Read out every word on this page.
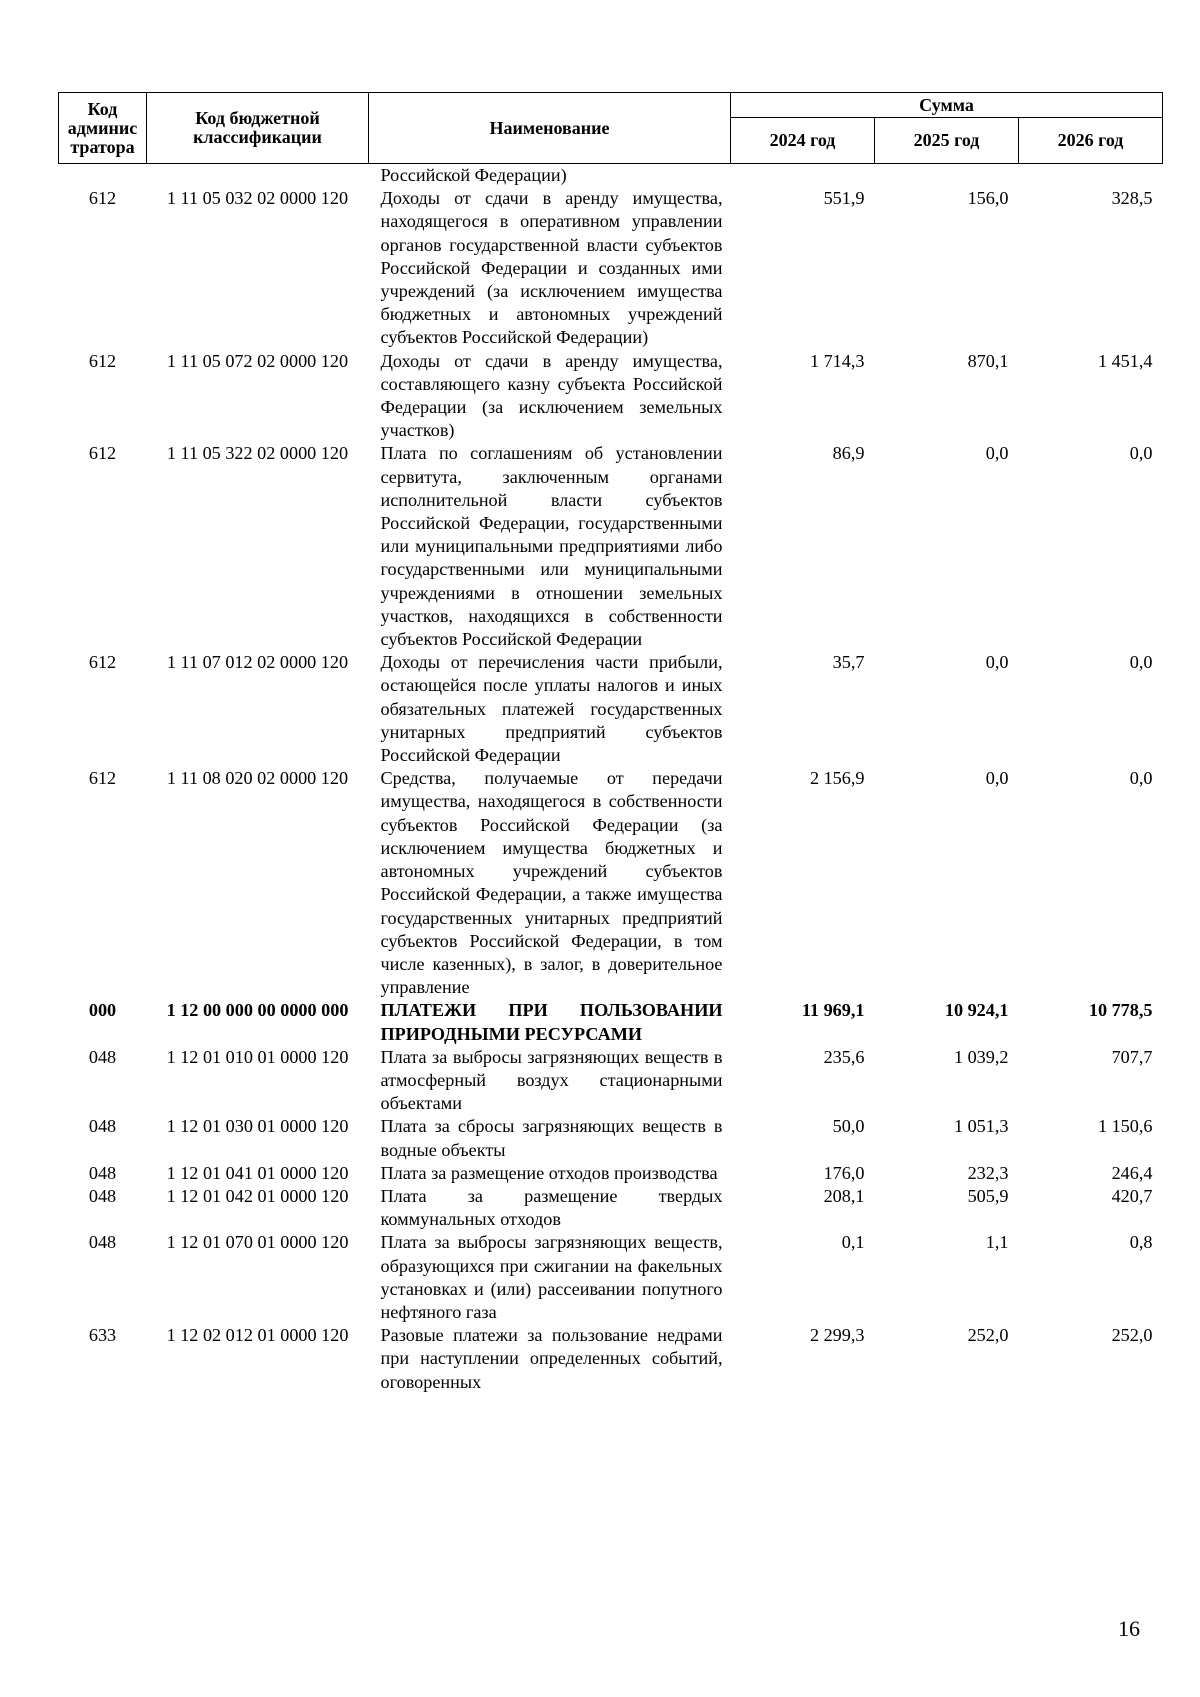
Код админис тратора	Код бюджетной классификации	Наименование	Сумма		
			2024 год	2025 год	2026 год
		Российской Федерации)			
612	1 11 05 032 02 0000 120	Доходы от сдачи в аренду имущества, находящегося в оперативном управлении органов государственной власти субъектов Российской Федерации и созданных ими учреждений (за исключением имущества бюджетных и автономных учреждений субъектов Российской Федерации)	551,9	156,0	328,5
612	1 11 05 072 02 0000 120	Доходы от сдачи в аренду имущества, составляющего казну субъекта Российской Федерации (за исключением земельных участков)	1 714,3	870,1	1 451,4
612	1 11 05 322 02 0000 120	Плата по соглашениям об установлении сервитута, заключенным органами исполнительной власти субъектов Российской Федерации, государственными или муниципальными предприятиями либо государственными или муниципальными учреждениями в отношении земельных участков, находящихся в собственности субъектов Российской Федерации	86,9	0,0	0,0
612	1 11 07 012 02 0000 120	Доходы от перечисления части прибыли, остающейся после уплаты налогов и иных обязательных платежей государственных унитарных предприятий субъектов Российской Федерации	35,7	0,0	0,0
612	1 11 08 020 02 0000 120	Средства, получаемые от передачи имущества, находящегося в собственности субъектов Российской Федерации (за исключением имущества бюджетных и автономных учреждений субъектов Российской Федерации, а также имущества государственных унитарных предприятий субъектов Российской Федерации, в том числе казенных), в залог, в доверительное управление	2 156,9	0,0	0,0
000	1 12 00 000 00 0000 000	ПЛАТЕЖИ ПРИ ПОЛЬЗОВАНИИ ПРИРОДНЫМИ РЕСУРСАМИ	11 969,1	10 924,1	10 778,5
048	1 12 01 010 01 0000 120	Плата за выбросы загрязняющих веществ в атмосферный воздух стационарными объектами	235,6	1 039,2	707,7
048	1 12 01 030 01 0000 120	Плата за сбросы загрязняющих веществ в водные объекты	50,0	1 051,3	1 150,6
048	1 12 01 041 01 0000 120	Плата за размещение отходов производства	176,0	232,3	246,4
048	1 12 01 042 01 0000 120	Плата за размещение твердых коммунальных отходов	208,1	505,9	420,7
048	1 12 01 070 01 0000 120	Плата за выбросы загрязняющих веществ, образующихся при сжигании на факельных установках и (или) рассеивании попутного нефтяного газа	0,1	1,1	0,8
633	1 12 02 012 01 0000 120	Разовые платежи за пользование недрами при наступлении определенных событий, оговоренных	2 299,3	252,0	252,0
16
